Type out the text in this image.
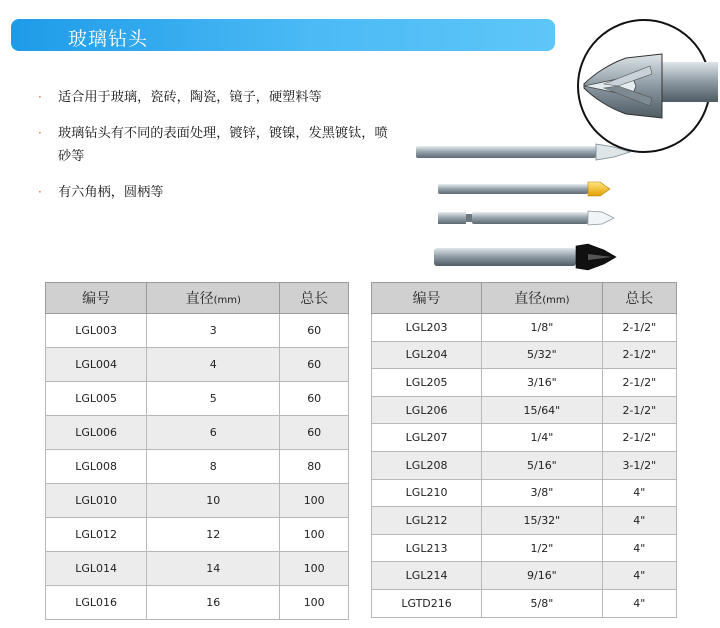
玻璃钻头
· 适合用于玻璃，瓷砖，陶瓷，镜子，硬塑料等
· 玻璃钻头有不同的表面处理，镀锌，镀镍，发黑镀钛，喷砂等
· 有六角柄，圆柄等
编号	直径(mm)	总长
LGL003	3	60
LGL004	4	60
LGL005	5	60
LGL006	6	60
LGL008	8	80
LGL010	10	100
LGL012	12	100
LGL014	14	100
LGL016	16	100
编号	直径(mm)	总长
LGL203	1/8"	2-1/2"
LGL204	5/32"	2-1/2"
LGL205	3/16"	2-1/2"
LGL206	15/64"	2-1/2"
LGL207	1/4"	2-1/2"
LGL208	5/16"	3-1/2"
LGL210	3/8"	4"
LGL212	15/32"	4"
LGL213	1/2"	4"
LGL214	9/16"	4"
LGTD216	5/8"	4"
